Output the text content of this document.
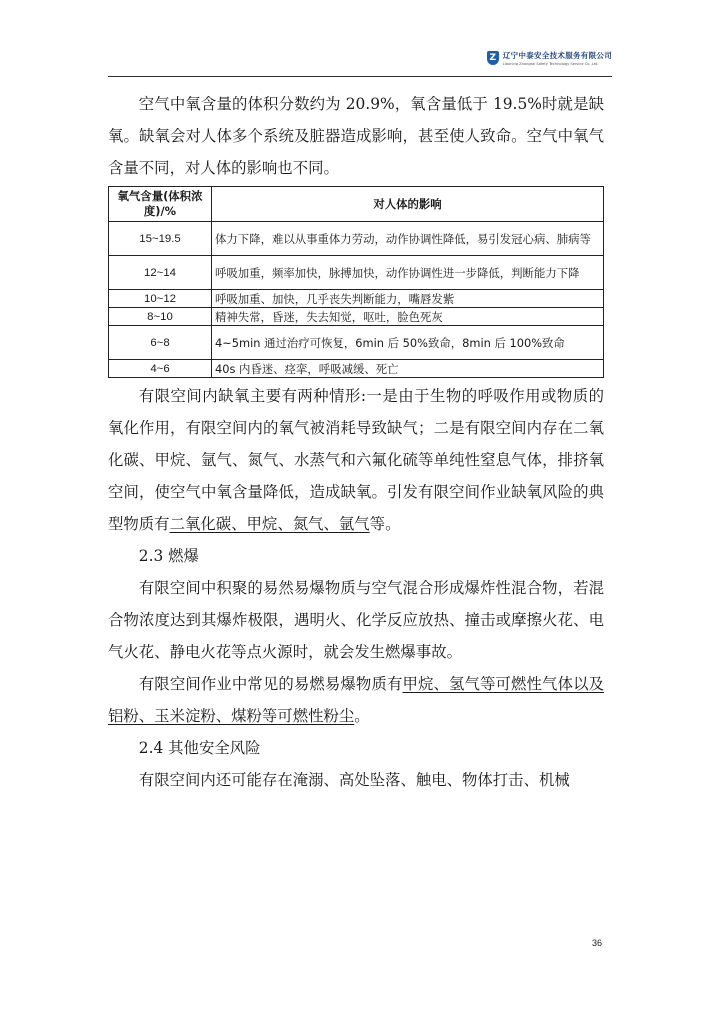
Z 辽宁中泰安全技术服务有限公司
Liaoning Zhongtai Safety Technology Service Co.,Ltd.

空气中氧含量的体积分数约为 20.9%，氧含量低于 19.5%时就是缺氧。缺氧会对人体多个系统及脏器造成影响，甚至使人致命。空气中氧气含量不同，对人体的影响也不同。

氧气含量(体积浓度)/%	对人体的影响
15~19.5	体力下降，难以从事重体力劳动，动作协调性降低，易引发冠心病、肺病等
12~14	呼吸加重，频率加快，脉搏加快，动作协调性进一步降低，判断能力下降
10~12	呼吸加重、加快，几乎丧失判断能力，嘴唇发紫
8~10	精神失常，昏迷，失去知觉，呕吐，脸色死灰
6~8	4~5min 通过治疗可恢复，6min 后 50%致命，8min 后 100%致命
4~6	40s 内昏迷、痉挛，呼吸减缓、死亡

有限空间内缺氧主要有两种情形:一是由于生物的呼吸作用或物质的氧化作用，有限空间内的氧气被消耗导致缺气；二是有限空间内存在二氧化碳、甲烷、氩气、氮气、水蒸气和六氟化硫等单纯性窒息气体，排挤氧空间，使空气中氧含量降低，造成缺氧。引发有限空间作业缺氧风险的典型物质有二氧化碳、甲烷、氮气、氩气等。

2.3 燃爆

有限空间中积聚的易然易爆物质与空气混合形成爆炸性混合物，若混合物浓度达到其爆炸极限，遇明火、化学反应放热、撞击或摩擦火花、电气火花、静电火花等点火源时，就会发生燃爆事故。

有限空间作业中常见的易燃易爆物质有甲烷、氢气等可燃性气体以及铝粉、玉米淀粉、煤粉等可燃性粉尘。

2.4 其他安全风险

有限空间内还可能存在淹溺、高处坠落、触电、物体打击、机械

36
